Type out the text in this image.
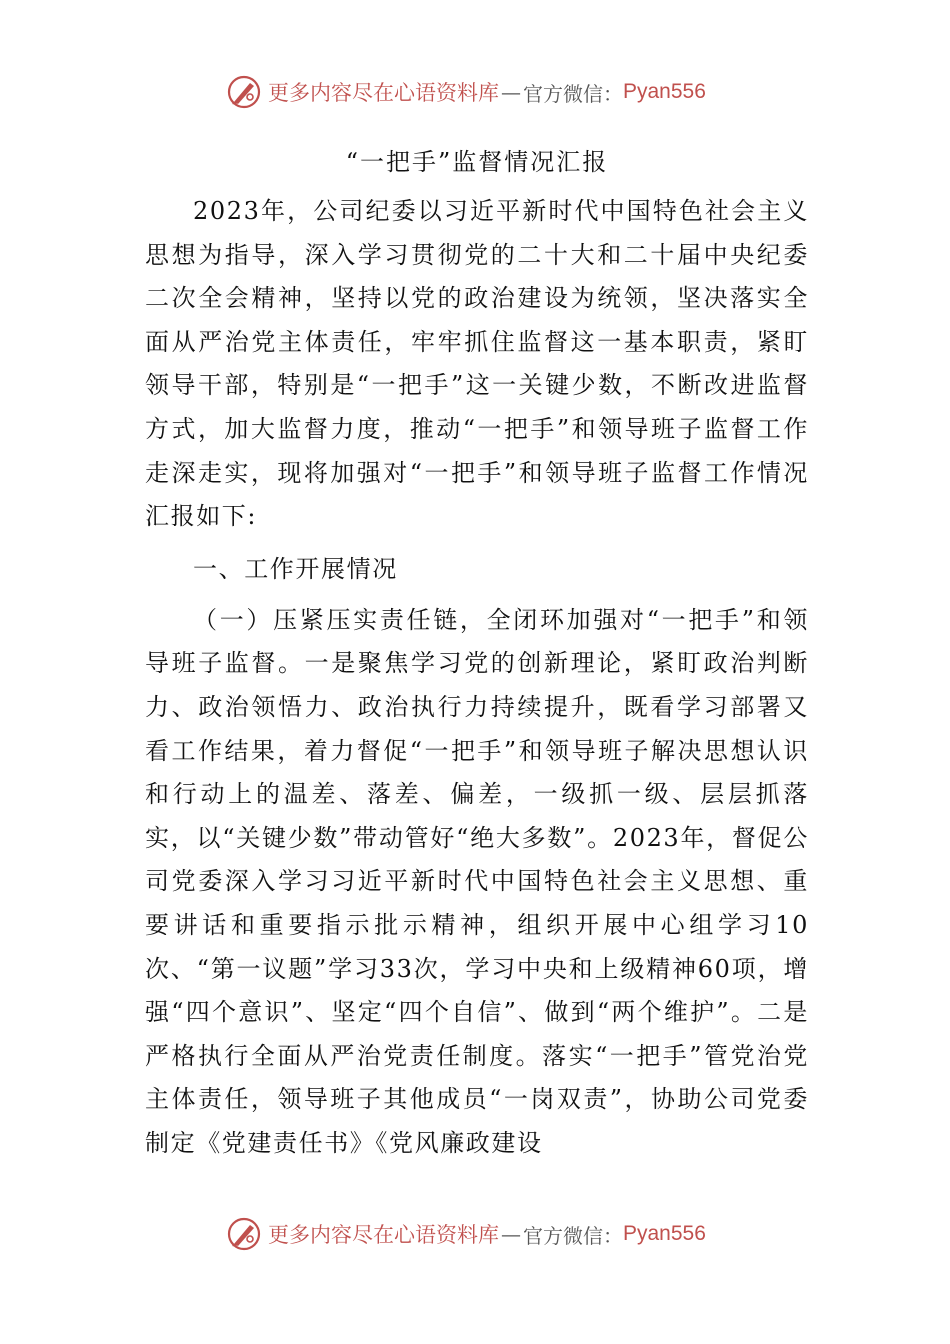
更多内容尽在心语资料库 — 官方微信： Pyan556
“一把手”监督情况汇报

2023年，公司纪委以习近平新时代中国特色社会主义思想为指导，深入学习贯彻党的二十大和二十届中央纪委二次全会精神，坚持以党的政治建设为统领，坚决落实全面从严治党主体责任，牢牢抓住监督这一基本职责，紧盯领导干部，特别是“一把手”这一关键少数，不断改进监督方式，加大监督力度，推动“一把手”和领导班子监督工作走深走实，现将加强对“一把手”和领导班子监督工作情况汇报如下:

一、工作开展情况

（一）压紧压实责任链，全闭环加强对“一把手”和领导班子监督。一是聚焦学习党的创新理论，紧盯政治判断力、政治领悟力、政治执行力持续提升，既看学习部署又看工作结果，着力督促“一把手”和领导班子解决思想认识和行动上的温差、落差、偏差，一级抓一级、层层抓落实，以“关键少数”带动管好“绝大多数”。2023年，督促公司党委深入学习习近平新时代中国特色社会主义思想、重要讲话和重要指示批示精神，组织开展中心组学习10次、“第一议题”学习33次，学习中央和上级精神60项，增强“四个意识”、坚定“四个自信”、做到“两个维护”。二是严格执行全面从严治党责任制度。落实“一把手”管党治党主体责任，领导班子其他成员“一岗双责”，协助公司党委制定《党建责任书》《党风廉政建设

更多内容尽在心语资料库 — 官方微信： Pyan556
